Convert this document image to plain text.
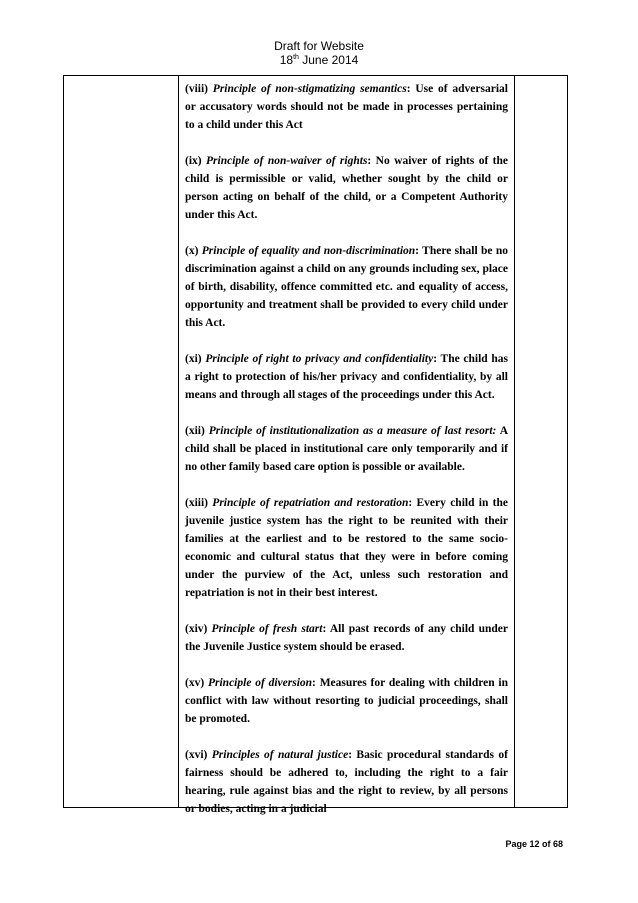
Draft for Website
18th June 2014

(viii) Principle of non-stigmatizing semantics: Use of adversarial or accusatory words should not be made in processes pertaining to a child under this Act

(ix) Principle of non-waiver of rights: No waiver of rights of the child is permissible or valid, whether sought by the child or person acting on behalf of the child, or a Competent Authority under this Act.

(x) Principle of equality and non-discrimination: There shall be no discrimination against a child on any grounds including sex, place of birth, disability, offence committed etc. and equality of access, opportunity and treatment shall be provided to every child under this Act.

(xi) Principle of right to privacy and confidentiality: The child has a right to protection of his/her privacy and confidentiality, by all means and through all stages of the proceedings under this Act.

(xii) Principle of institutionalization as a measure of last resort: A child shall be placed in institutional care only temporarily and if no other family based care option is possible or available.

(xiii) Principle of repatriation and restoration: Every child in the juvenile justice system has the right to be reunited with their families at the earliest and to be restored to the same socio- economic and cultural status that they were in before coming under the purview of the Act, unless such restoration and repatriation is not in their best interest.

(xiv) Principle of fresh start: All past records of any child under the Juvenile Justice system should be erased.

(xv) Principle of diversion: Measures for dealing with children in conflict with law without resorting to judicial proceedings, shall be promoted.

(xvi) Principles of natural justice: Basic procedural standards of fairness should be adhered to, including the right to a fair hearing, rule against bias and the right to review, by all persons or bodies, acting in a judicial

Page 12 of 68
